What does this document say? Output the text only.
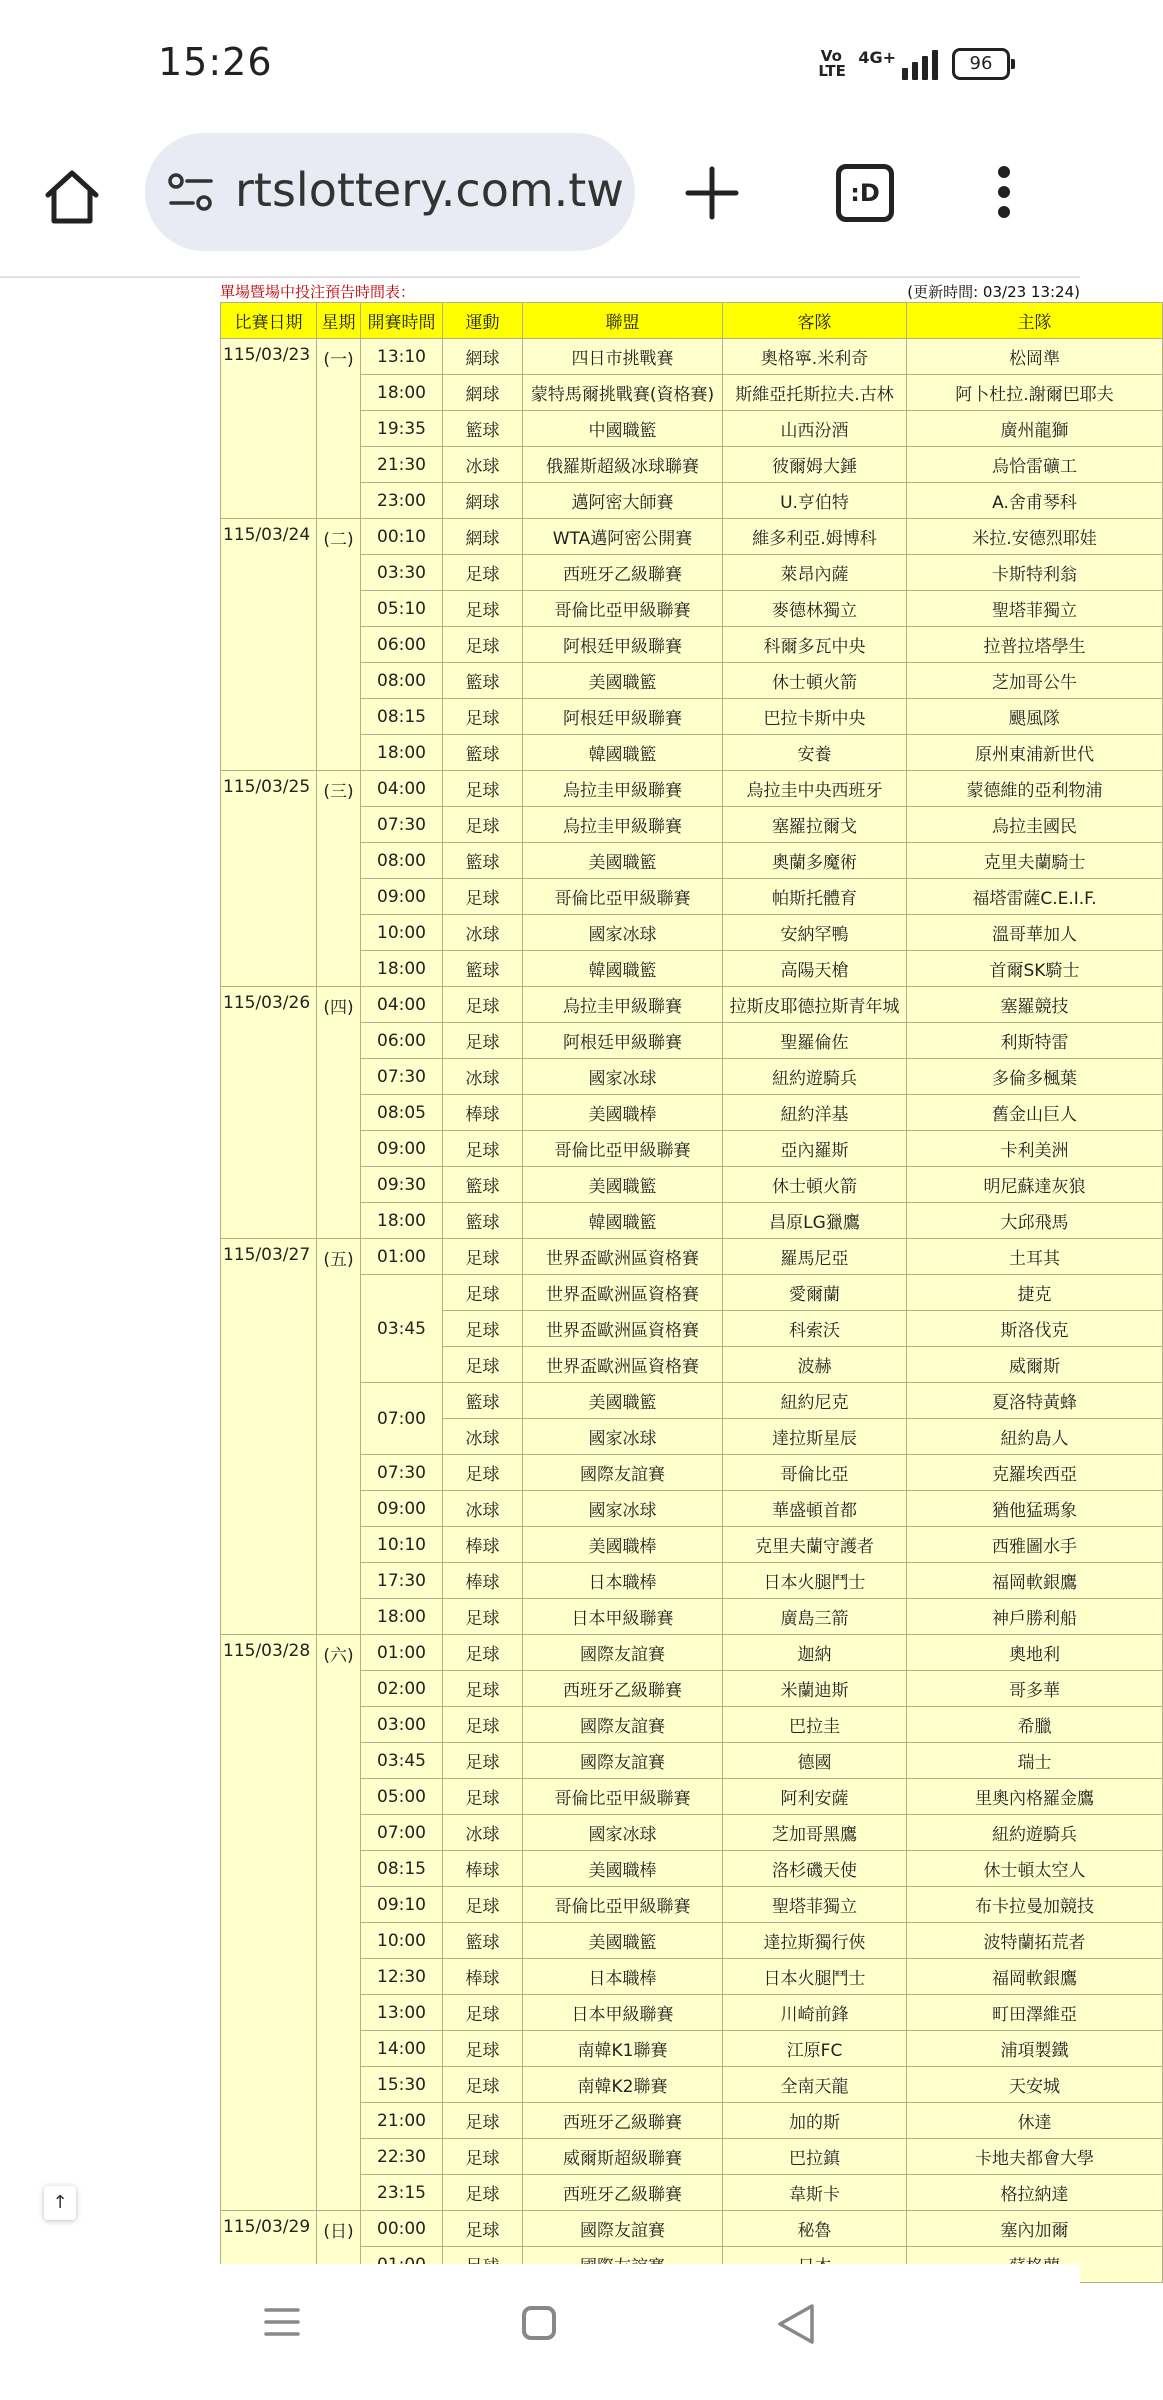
15:26	Vo
LTE
4G+	96
rtslottery.com.tw	:D
單場暨場中投注預告時間表：	(更新時間: 03/23 13:24)
比賽日期	星期	開賽時間	運動	聯盟	客隊	主隊
115/03/23	(一)	13:10	網球	四日市挑戰賽	奧格寧.米利奇	松岡準
		18:00	網球	蒙特馬爾挑戰賽(資格賽)	斯維亞托斯拉夫.古林	阿卜杜拉.謝爾巴耶夫
		19:35	籃球	中國職籃	山西汾酒	廣州龍獅
		21:30	冰球	俄羅斯超級冰球聯賽	彼爾姆大錘	烏恰雷礦工
		23:00	網球	邁阿密大師賽	U.亨伯特	A.舍甫琴科
115/03/24	(二)	00:10	網球	WTA邁阿密公開賽	維多利亞.姆博科	米拉.安德烈耶娃
		03:30	足球	西班牙乙級聯賽	萊昂內薩	卡斯特利翁
		05:10	足球	哥倫比亞甲級聯賽	麥德林獨立	聖塔菲獨立
		06:00	足球	阿根廷甲級聯賽	科爾多瓦中央	拉普拉塔學生
		08:00	籃球	美國職籃	休士頓火箭	芝加哥公牛
		08:15	足球	阿根廷甲級聯賽	巴拉卡斯中央	颶風隊
		18:00	籃球	韓國職籃	安養	原州東浦新世代
115/03/25	(三)	04:00	足球	烏拉圭甲級聯賽	烏拉圭中央西班牙	蒙德維的亞利物浦
		07:30	足球	烏拉圭甲級聯賽	塞羅拉爾戈	烏拉圭國民
		08:00	籃球	美國職籃	奧蘭多魔術	克里夫蘭騎士
		09:00	足球	哥倫比亞甲級聯賽	帕斯托體育	福塔雷薩C.E.I.F.
		10:00	冰球	國家冰球	安納罕鴨	溫哥華加人
		18:00	籃球	韓國職籃	高陽天槍	首爾SK騎士
115/03/26	(四)	04:00	足球	烏拉圭甲級聯賽	拉斯皮耶德拉斯青年城	塞羅競技
		06:00	足球	阿根廷甲級聯賽	聖羅倫佐	利斯特雷
		07:30	冰球	國家冰球	紐約遊騎兵	多倫多楓葉
		08:05	棒球	美國職棒	紐約洋基	舊金山巨人
		09:00	足球	哥倫比亞甲級聯賽	亞內羅斯	卡利美洲
		09:30	籃球	美國職籃	休士頓火箭	明尼蘇達灰狼
		18:00	籃球	韓國職籃	昌原LG獵鷹	大邱飛馬
115/03/27	(五)	01:00	足球	世界盃歐洲區資格賽	羅馬尼亞	土耳其
		03:45	足球	世界盃歐洲區資格賽	愛爾蘭	捷克
			足球	世界盃歐洲區資格賽	科索沃	斯洛伐克
			足球	世界盃歐洲區資格賽	波赫	威爾斯
		07:00	籃球	美國職籃	紐約尼克	夏洛特黃蜂
			冰球	國家冰球	達拉斯星辰	紐約島人
		07:30	足球	國際友誼賽	哥倫比亞	克羅埃西亞
		09:00	冰球	國家冰球	華盛頓首都	猶他猛瑪象
		10:10	棒球	美國職棒	克里夫蘭守護者	西雅圖水手
		17:30	棒球	日本職棒	日本火腿鬥士	福岡軟銀鷹
		18:00	足球	日本甲級聯賽	廣島三箭	神戶勝利船
115/03/28	(六)	01:00	足球	國際友誼賽	迦納	奧地利
		02:00	足球	西班牙乙級聯賽	米蘭迪斯	哥多華
		03:00	足球	國際友誼賽	巴拉圭	希臘
		03:45	足球	國際友誼賽	德國	瑞士
		05:00	足球	哥倫比亞甲級聯賽	阿利安薩	里奧內格羅金鷹
		07:00	冰球	國家冰球	芝加哥黑鷹	紐約遊騎兵
		08:15	棒球	美國職棒	洛杉磯天使	休士頓太空人
		09:10	足球	哥倫比亞甲級聯賽	聖塔菲獨立	布卡拉曼加競技
		10:00	籃球	美國職籃	達拉斯獨行俠	波特蘭拓荒者
		12:30	棒球	日本職棒	日本火腿鬥士	福岡軟銀鷹
		13:00	足球	日本甲級聯賽	川崎前鋒	町田澤維亞
		14:00	足球	南韓K1聯賽	江原FC	浦項製鐵
		15:30	足球	南韓K2聯賽	全南天龍	天安城
		21:00	足球	西班牙乙級聯賽	加的斯	休達
		22:30	足球	威爾斯超級聯賽	巴拉鎮	卡地夫都會大學
		23:15	足球	西班牙乙級聯賽	韋斯卡	格拉納達
115/03/29	(日)	00:00	足球	國際友誼賽	秘魯	塞內加爾

↑
